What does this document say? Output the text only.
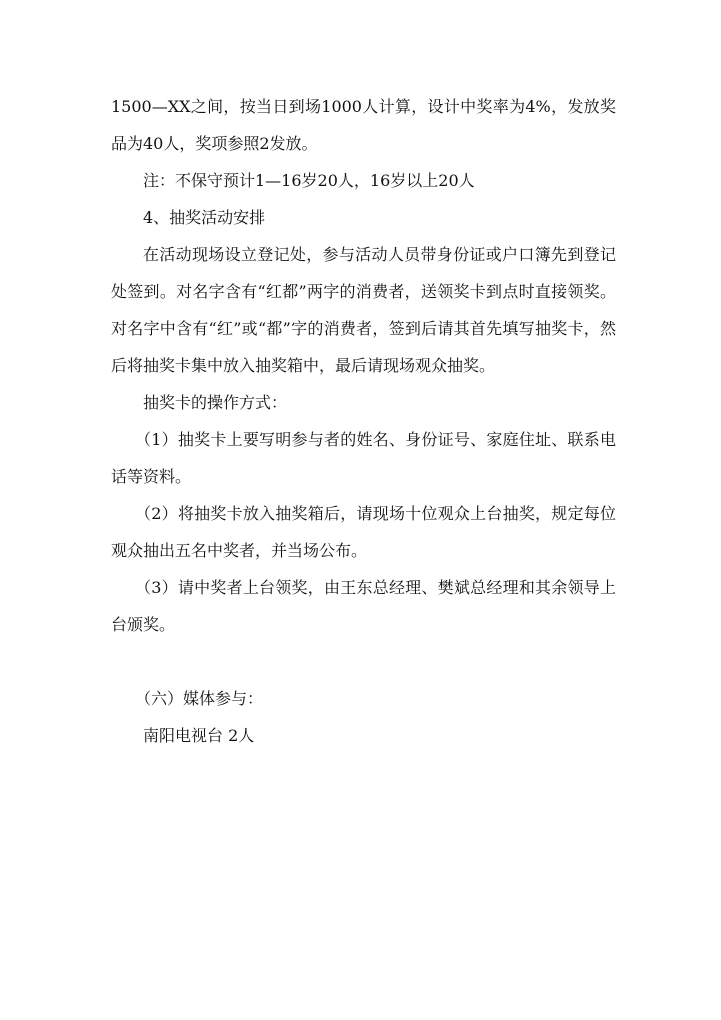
1500—XX之间，按当日到场1000人计算，设计中奖率为4%，发放奖品为40人，奖项参照2发放。

注：不保守预计1—16岁20人，16岁以上20人

4、抽奖活动安排

在活动现场设立登记处，参与活动人员带身份证或户口簿先到登记处签到。对名字含有“红都”两字的消费者，送领奖卡到点时直接领奖。对名字中含有“红”或“都”字的消费者，签到后请其首先填写抽奖卡，然后将抽奖卡集中放入抽奖箱中，最后请现场观众抽奖。

抽奖卡的操作方式：

（1）抽奖卡上要写明参与者的姓名、身份证号、家庭住址、联系电话等资料。

（2）将抽奖卡放入抽奖箱后，请现场十位观众上台抽奖，规定每位观众抽出五名中奖者，并当场公布。

（3）请中奖者上台领奖，由王东总经理、樊斌总经理和其余领导上台颁奖。

（六）媒体参与：

南阳电视台 2人
